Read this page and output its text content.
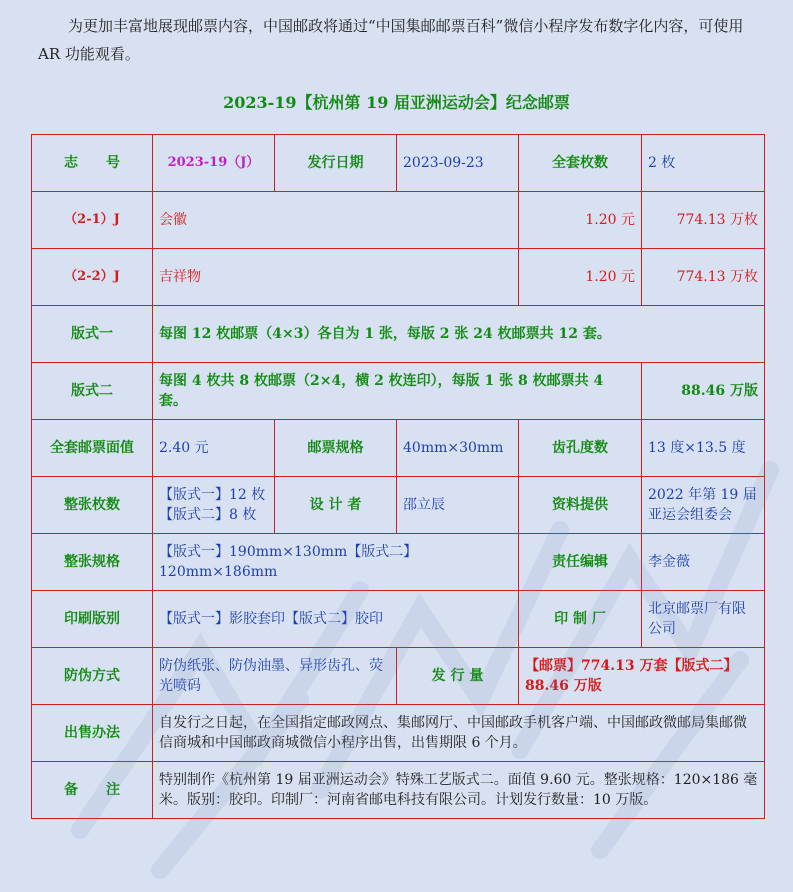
为更加丰富地展现邮票内容，中国邮政将通过“中国集邮邮票百科”微信小程序发布数字化内容，可使用 AR 功能观看。
2023-19【杭州第 19 届亚洲运动会】纪念邮票
志　　号	2023-19（J）	发行日期	2023-09-23	全套枚数	2 枚
（2-1）J	会徽			1.20 元	774.13 万枚
（2-2）J	吉祥物			1.20 元	774.13 万枚
版式一	每图 12 枚邮票（4×3）各自为 1 张，每版 2 张 24 枚邮票共 12 套。				
版式二	每图 4 枚共 8 枚邮票（2×4，横 2 枚连印），每版 1 张 8 枚邮票共 4 套。				88.46 万版
全套邮票面值	2.40 元	邮票规格	40mm×30mm	齿孔度数	13 度×13.5 度
整张枚数	【版式一】12 枚
【版式二】8 枚	设 计 者	邵立辰	资料提供	2022 年第 19 届亚运会组委会
整张规格	【版式一】190mm×130mm【版式二】120mm×186mm			责任编辑	李金薇
印刷版别	【版式一】影胶套印【版式二】胶印			印 制 厂	北京邮票厂有限公司
防伪方式	防伪纸张、防伪油墨、异形齿孔、荧光喷码		发 行 量	【邮票】774.13 万套【版式二】88.46 万版	
出售办法	自发行之日起，在全国指定邮政网点、集邮网厅、中国邮政手机客户端、中国邮政微邮局集邮微信商城和中国邮政商城微信小程序出售，出售期限 6 个月。				
备　　注	特别制作《杭州第 19 届亚洲运动会》特殊工艺版式二。面值 9.60 元。整张规格：120×186 毫米。版别：胶印。印制厂：河南省邮电科技有限公司。计划发行数量：10 万版。				
